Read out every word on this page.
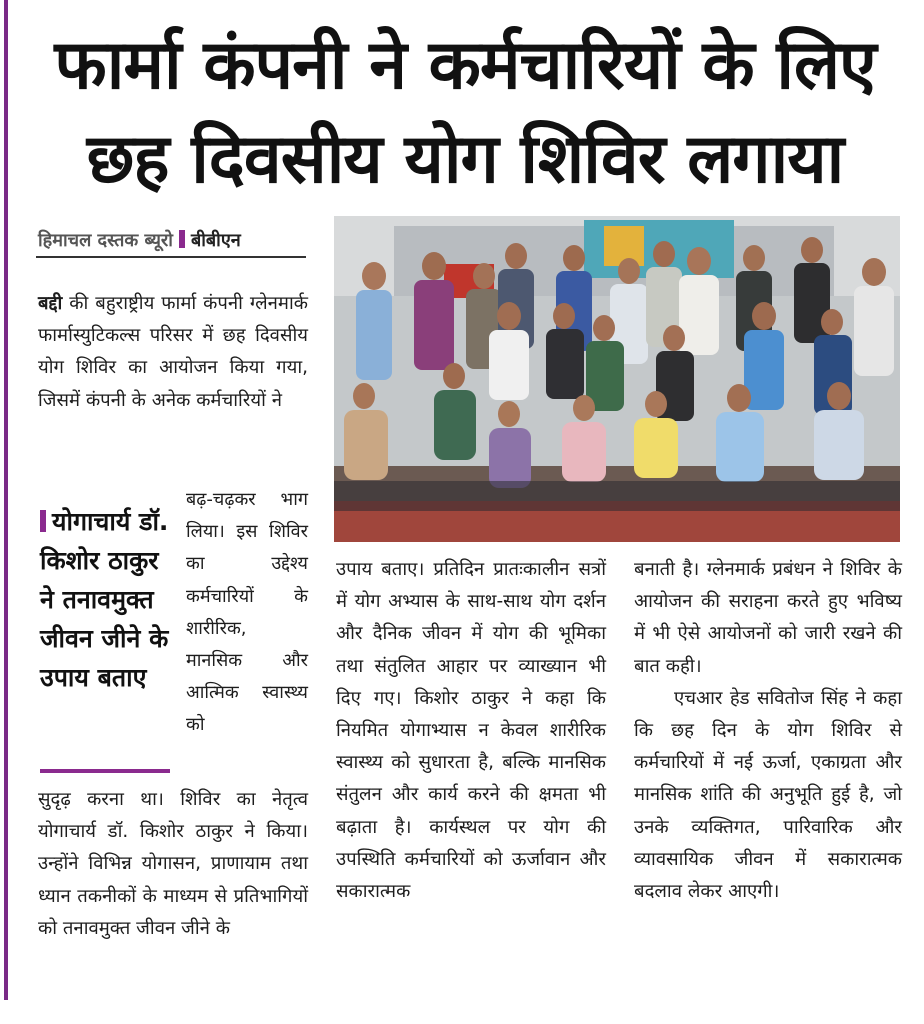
फार्मा कंपनी ने कर्मचारियों के लिए
छह दिवसीय योग शिविर लगाया
हिमाचल दस्तक ब्यूरो बीबीएन

बद्दी की बहुराष्ट्रीय फार्मा कंपनी ग्लेनमार्क फार्मास्युटिकल्स परिसर में छह दिवसीय योग शिविर का आयोजन किया गया, जिसमें कंपनी के अनेक कर्मचारियों ने

योगाचार्य डॉ. किशोर ठाकुर ने तनावमुक्त जीवन जीने के उपाय बताए

बढ़-चढ़कर भाग लिया। इस शिविर का उद्देश्य कर्मचारियों के शारीरिक, मानसिक और आत्मिक स्वास्थ्य को

सुदृढ़ करना था। शिविर का नेतृत्व योगाचार्य डॉ. किशोर ठाकुर ने किया। उन्होंने विभिन्न योगासन, प्राणायाम तथा ध्यान तकनीकों के माध्यम से प्रतिभागियों को तनावमुक्त जीवन जीने के

उपाय बताए। प्रतिदिन प्रातःकालीन सत्रों में योग अभ्यास के साथ-साथ योग दर्शन और दैनिक जीवन में योग की भूमिका तथा संतुलित आहार पर व्याख्यान भी दिए गए। किशोर ठाकुर ने कहा कि नियमित योगाभ्यास न केवल शारीरिक स्वास्थ्य को सुधारता है, बल्कि मानसिक संतुलन और कार्य करने की क्षमता भी बढ़ाता है। कार्यस्थल पर योग की उपस्थिति कर्मचारियों को ऊर्जावान और सकारात्मक

बनाती है। ग्लेनमार्क प्रबंधन ने शिविर के आयोजन की सराहना करते हुए भविष्य में भी ऐसे आयोजनों को जारी रखने की बात कही।

एचआर हेड सवितोज सिंह ने कहा कि छह दिन के योग शिविर से कर्मचारियों में नई ऊर्जा, एकाग्रता और मानसिक शांति की अनुभूति हुई है, जो उनके व्यक्तिगत, पारिवारिक और व्यावसायिक जीवन में सकारात्मक बदलाव लेकर आएगी।
